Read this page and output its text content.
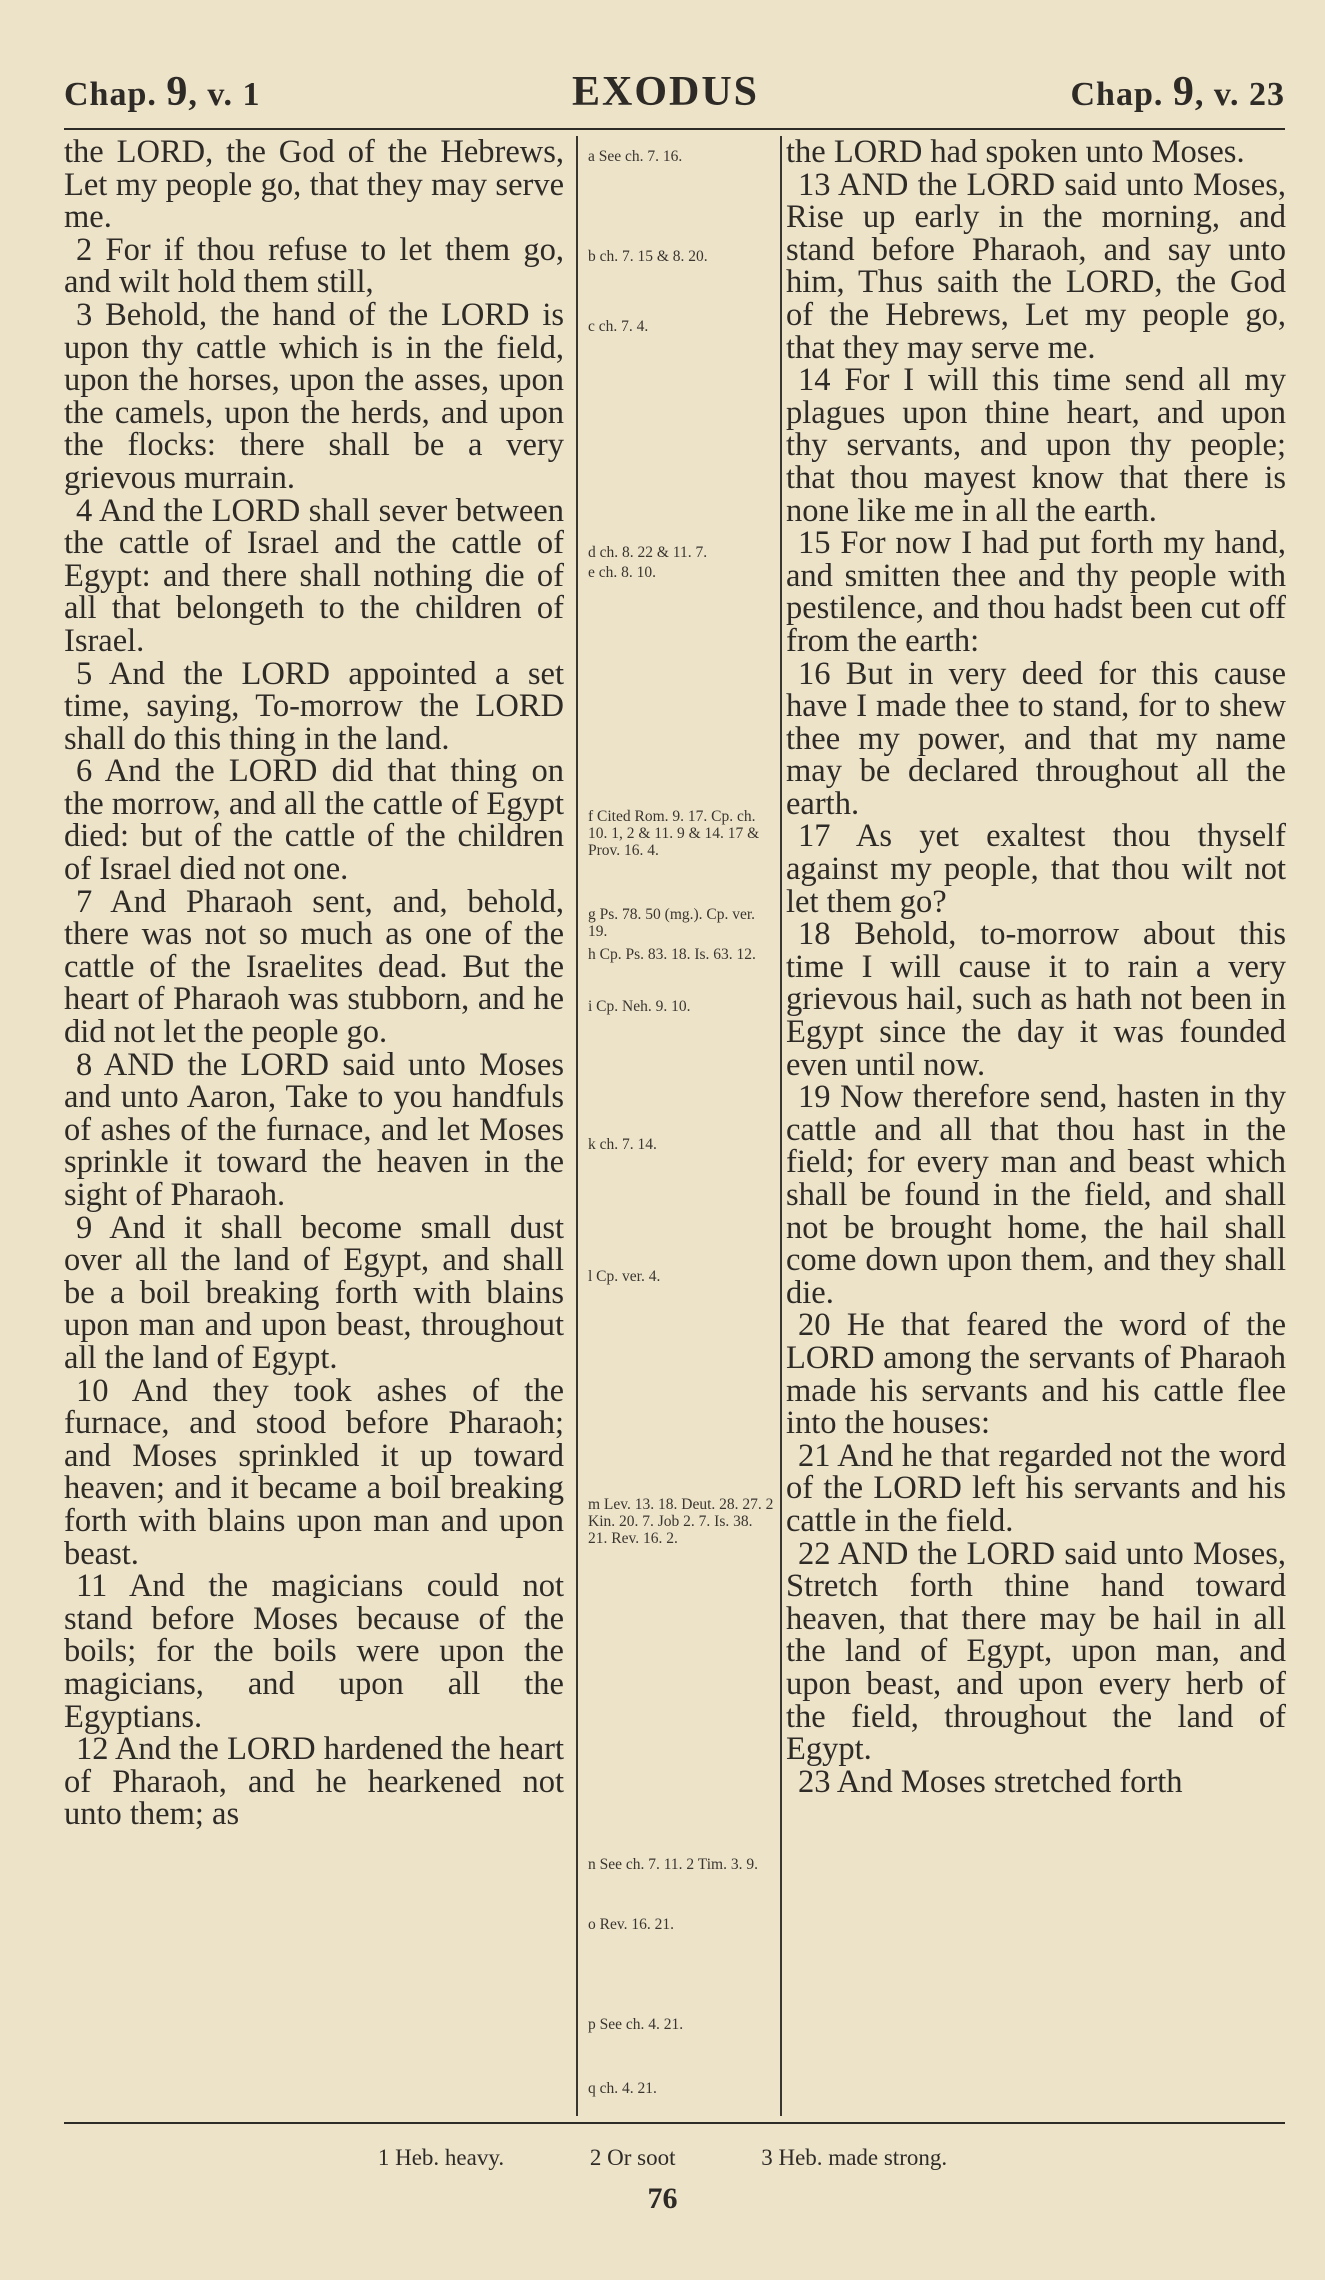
Chap. 9, v. 1	EXODUS	Chap. 9, v. 23

the LORD, the God of the Hebrews, Let my people go, that they may serve me.

2 For if thou refuse to let them go, and wilt hold them still,

3 Behold, the hand of the LORD is upon thy cattle which is in the field, upon the horses, upon the asses, upon the camels, upon the herds, and upon the flocks: there shall be a very grievous murrain.

4 And the LORD shall sever between the cattle of Israel and the cattle of Egypt: and there shall nothing die of all that belongeth to the children of Israel.

5 And the LORD appointed a set time, saying, To-morrow the LORD shall do this thing in the land.

6 And the LORD did that thing on the morrow, and all the cattle of Egypt died: but of the cattle of the children of Israel died not one.

7 And Pharaoh sent, and, behold, there was not so much as one of the cattle of the Israelites dead. But the heart of Pharaoh was stubborn, and he did not let the people go.

8 AND the LORD said unto Moses and unto Aaron, Take to you handfuls of ashes of the furnace, and let Moses sprinkle it toward the heaven in the sight of Pharaoh.

9 And it shall become small dust over all the land of Egypt, and shall be a boil breaking forth with blains upon man and upon beast, throughout all the land of Egypt.

10 And they took ashes of the furnace, and stood before Pharaoh; and Moses sprinkled it up toward heaven; and it became a boil breaking forth with blains upon man and upon beast.

11 And the magicians could not stand before Moses because of the boils; for the boils were upon the magicians, and upon all the Egyptians.

12 And the LORD hardened the heart of Pharaoh, and he hearkened not unto them; as

a See ch. 7. 16.
b ch. 7. 15 & 8. 20.
c ch. 7. 4.
d ch. 8. 22 & 11. 7.
e ch. 8. 10.
f Cited Rom. 9. 17. Cp. ch. 10. 1, 2 & 11. 9 & 14. 17 & Prov. 16. 4.
g Ps. 78. 50 (mg.). Cp. ver. 19.
h Cp. Ps. 83. 18. Is. 63. 12.
i Cp. Neh. 9. 10.
k ch. 7. 14.
l Cp. ver. 4.
m Lev. 13. 18. Deut. 28. 27. 2 Kin. 20. 7. Job 2. 7. Is. 38. 21. Rev. 16. 2.
n See ch. 7. 11. 2 Tim. 3. 9.
o Rev. 16. 21.
p See ch. 4. 21.
q ch. 4. 21.

the LORD had spoken unto Moses.

13 AND the LORD said unto Moses, Rise up early in the morning, and stand before Pharaoh, and say unto him, Thus saith the LORD, the God of the Hebrews, Let my people go, that they may serve me.

14 For I will this time send all my plagues upon thine heart, and upon thy servants, and upon thy people; that thou mayest know that there is none like me in all the earth.

15 For now I had put forth my hand, and smitten thee and thy people with pestilence, and thou hadst been cut off from the earth:

16 But in very deed for this cause have I made thee to stand, for to shew thee my power, and that my name may be declared throughout all the earth.

17 As yet exaltest thou thyself against my people, that thou wilt not let them go?

18 Behold, to-morrow about this time I will cause it to rain a very grievous hail, such as hath not been in Egypt since the day it was founded even until now.

19 Now therefore send, hasten in thy cattle and all that thou hast in the field; for every man and beast which shall be found in the field, and shall not be brought home, the hail shall come down upon them, and they shall die.

20 He that feared the word of the LORD among the servants of Pharaoh made his servants and his cattle flee into the houses:

21 And he that regarded not the word of the LORD left his servants and his cattle in the field.

22 AND the LORD said unto Moses, Stretch forth thine hand toward heaven, that there may be hail in all the land of Egypt, upon man, and upon beast, and upon every herb of the field, throughout the land of Egypt.

23 And Moses stretched forth

1 Heb. heavy.	2 Or soot	3 Heb. made strong.
76
